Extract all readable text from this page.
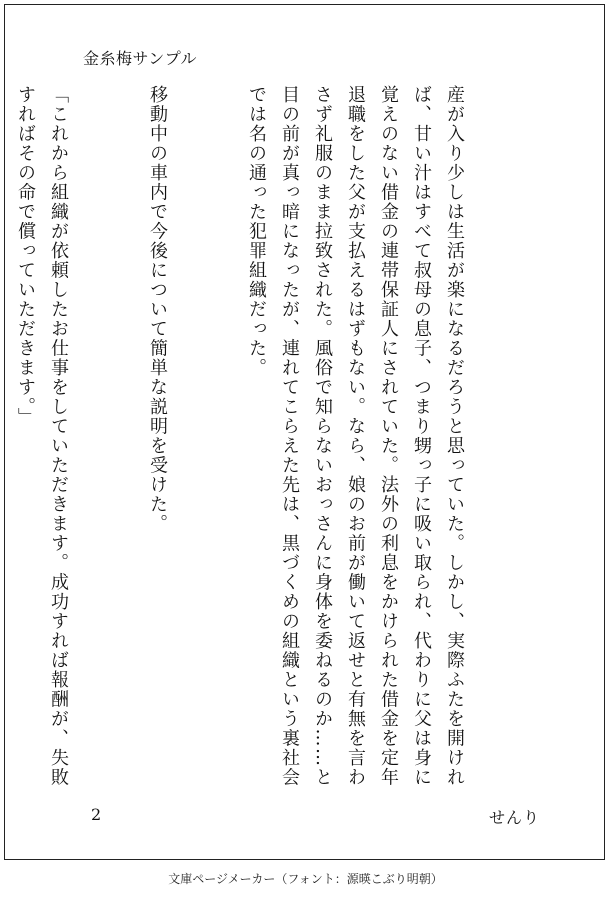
金糸梅サンプル

産が入り少しは生活が楽になるだろうと思っていた。しかし、実際ふたを開けれ
ば、甘い汁はすべて叔母の息子、つまり甥っ子に吸い取られ、代わりに父は身に
覚えのない借金の連帯保証人にされていた。法外の利息をかけられた借金を定年
退職をした父が支払えるはずもない。なら、娘のお前が働いて返せと有無を言わ
さず礼服のまま拉致された。風俗で知らないおっさんに身体を委ねるのか……と
目の前が真っ暗になったが、連れてこらえた先は、黒づくめの組織という裏社会
では名の通った犯罪組織だった。

移動中の車内で今後について簡単な説明を受けた。

「これから組織が依頼したお仕事をしていただきます。成功すれば報酬が、失敗
すればその命で償っていただきます。」

2	せんり
文庫ページメーカー（フォント：源暎こぶり明朝）
